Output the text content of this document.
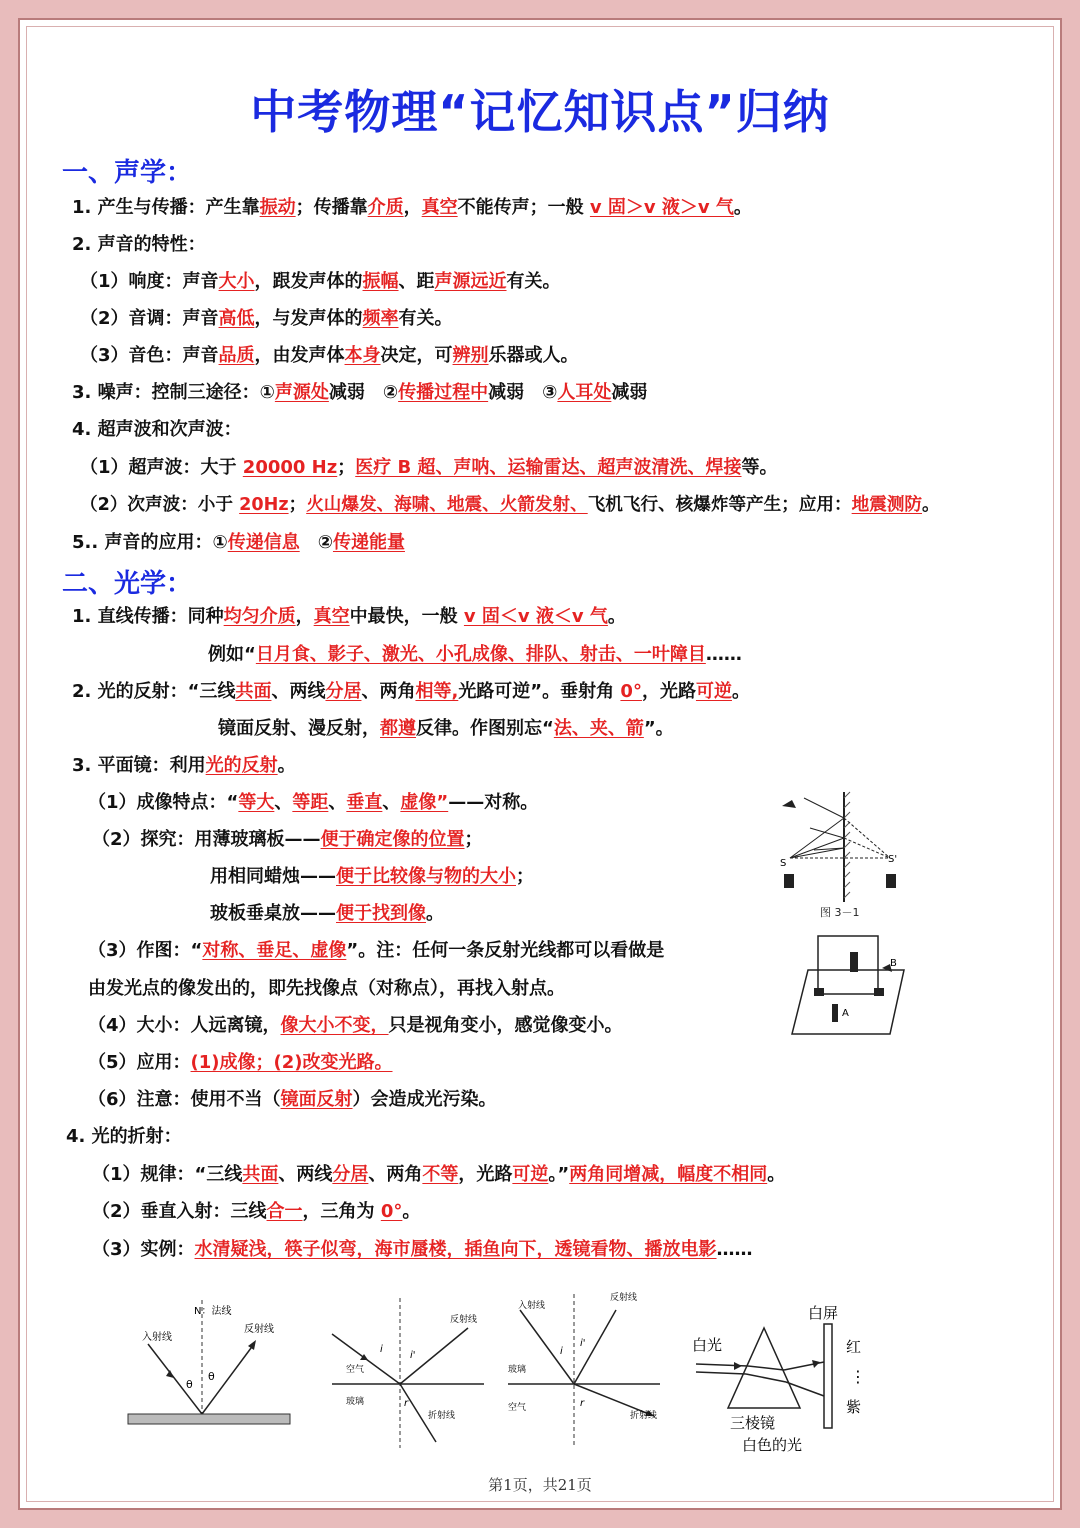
中考物理“记忆知识点”归纳
一、声学：
1. 产生与传播：产生靠振动；传播靠介质，真空不能传声；一般 v 固＞v 液＞v 气。
2. 声音的特性：
（1）响度：声音大小，跟发声体的振幅、距声源远近有关。
（2）音调：声音高低，与发声体的频率有关。
（3）音色：声音品质，由发声体本身决定，可辨别乐器或人。
3. 噪声：控制三途径：①声源处减弱　②传播过程中减弱　③人耳处减弱
4. 超声波和次声波：
（1）超声波：大于 20000 Hz；医疗 B 超、声呐、运输雷达、超声波清洗、焊接等。
（2）次声波：小于 20Hz；火山爆发、海啸、地震、火箭发射、飞机飞行、核爆炸等产生；应用：地震测防。
5.. 声音的应用：①传递信息　②传递能量
二、光学：
1. 直线传播：同种均匀介质，真空中最快，一般 v 固＜v 液＜v 气。
例如“日月食、影子、激光、小孔成像、排队、射击、一叶障目……
2. 光的反射：“三线共面、两线分居、两角相等,光路可逆”。垂射角 0°，光路可逆。
镜面反射、漫反射，都遵反律。作图别忘“法、夹、箭”。
3. 平面镜：利用光的反射。
（1）成像特点：“等大、等距、垂直、虚像”——对称。
（2）探究：用薄玻璃板——便于确定像的位置；
用相同蜡烛——便于比较像与物的大小；
玻板垂桌放——便于找到像。
（3）作图：“对称、垂足、虚像”。注：任何一条反射光线都可以看做是
由发光点的像发出的，即先找像点（对称点），再找入射点。
（4）大小：人远离镜，像大小不变，只是视角变小，感觉像变小。
（5）应用：(1)成像；(2)改变光路。
（6）注意：使用不当（镜面反射）会造成光污染。
4. 光的折射：
（1）规律：“三线共面、两线分居、两角不等，光路可逆。”两角同增减，幅度不相同。
（2）垂直入射：三线合一，三角为 0°。
（3）实例：水清疑浅，筷子似弯，海市蜃楼，插鱼向下，透镜看物、播放电影……
S	S'
图 3－1
B
A
N：法线
入射线
反射线
θ
θ
反射线
空气
玻璃
折射线
i
i'
r
入射线
反射线
玻璃
空气
折射线
i
i'
r
白屏
白光	红
⋮
紫
三棱镜
白色的光
第1页，共21页
